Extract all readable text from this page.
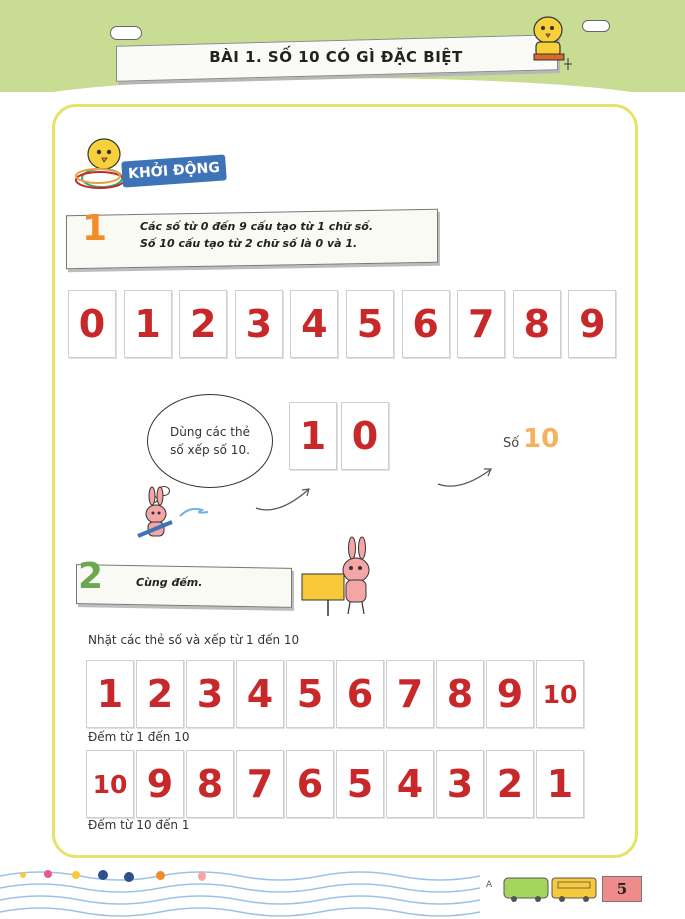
BÀI 1. SỐ 10 CÓ GÌ ĐẶC BIỆT
KHỞI ĐỘNG
1	Các số từ 0 đến 9 cấu tạo từ 1 chữ số.
Số 10 cấu tạo từ 2 chữ số là 0 và 1.
0 1 2 3 4 5 6 7 8 9
Dùng các thẻ
số xếp số 10. 1 0	Số 10
2	Cùng đếm.
Nhặt các thẻ số và xếp từ 1 đến 10
1 2 3 4 5 6 7 8 9 10
Đếm từ 1 đến 10
10 9 8 7 6 5 4 3 2 1
Đếm từ 10 đến 1
A	5
